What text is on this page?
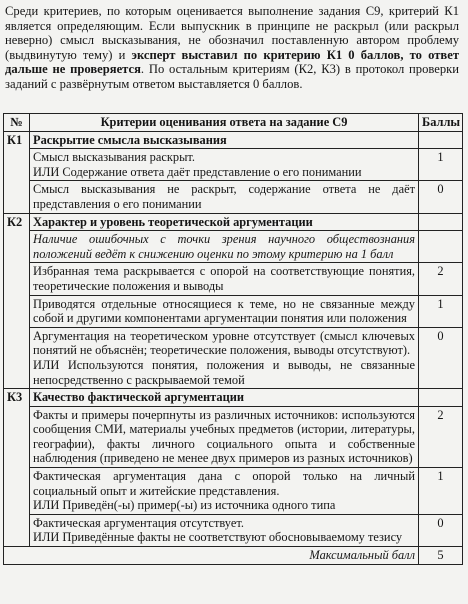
Среди критериев, по которым оценивается выполнение задания С9, критерий К1 является определяющим. Если выпускник в принципе не раскрыл (или раскрыл неверно) смысл высказывания, не обозначил поставленную автором проблему (выдвинутую тему) и эксперт выставил по критерию К1 0 баллов, то ответ дальше не проверяется. По остальным критериям (К2, К3) в протокол проверки заданий с развёрнутым ответом выставляется 0 баллов.
№	Критерии оценивания ответа на задание С9	Баллы
К1	Раскрытие смысла высказывания	

	Смысл высказывания раскрыт.
ИЛИ Содержание ответа даёт представление о его понимании	1
	Смысл высказывания не раскрыт, содержание ответа не даёт представления о его понимании	0
К2	Характер и уровень теоретической аргументации	
	Наличие ошибочных с точки зрения научного обществознания положений ведёт к снижению оценки по этому критерию на 1 балл	
	Избранная тема раскрывается с опорой на соответствующие понятия, теоретические положения и выводы	2
	Приводятся отдельные относящиеся к теме, но не связанные между собой и другими компонентами аргументации понятия или положения	1

	Аргументация на теоретическом уровне отсутствует (смысл ключевых понятий не объяснён; теоретические положения, выводы отсутствуют).
ИЛИ Используются понятия, положения и выводы, не связанные непосредственно с раскрываемой темой	0
К3	Качество фактической аргументации	
	Факты и примеры почерпнуты из различных источников: используются сообщения СМИ, материалы учебных предметов (истории, литературы, географии), факты личного социального опыта и собственные наблюдения (приведено не менее двух примеров из разных источников)	2

	Фактическая аргументация дана с опорой только на личный социальный опыт и житейские представления.
ИЛИ Приведён(-ы) пример(-ы) из источника одного типа	1

	Фактическая аргументация отсутствует.
ИЛИ Приведённые факты не соответствуют обосновываемому тезису	0
Максимальный балл		5
